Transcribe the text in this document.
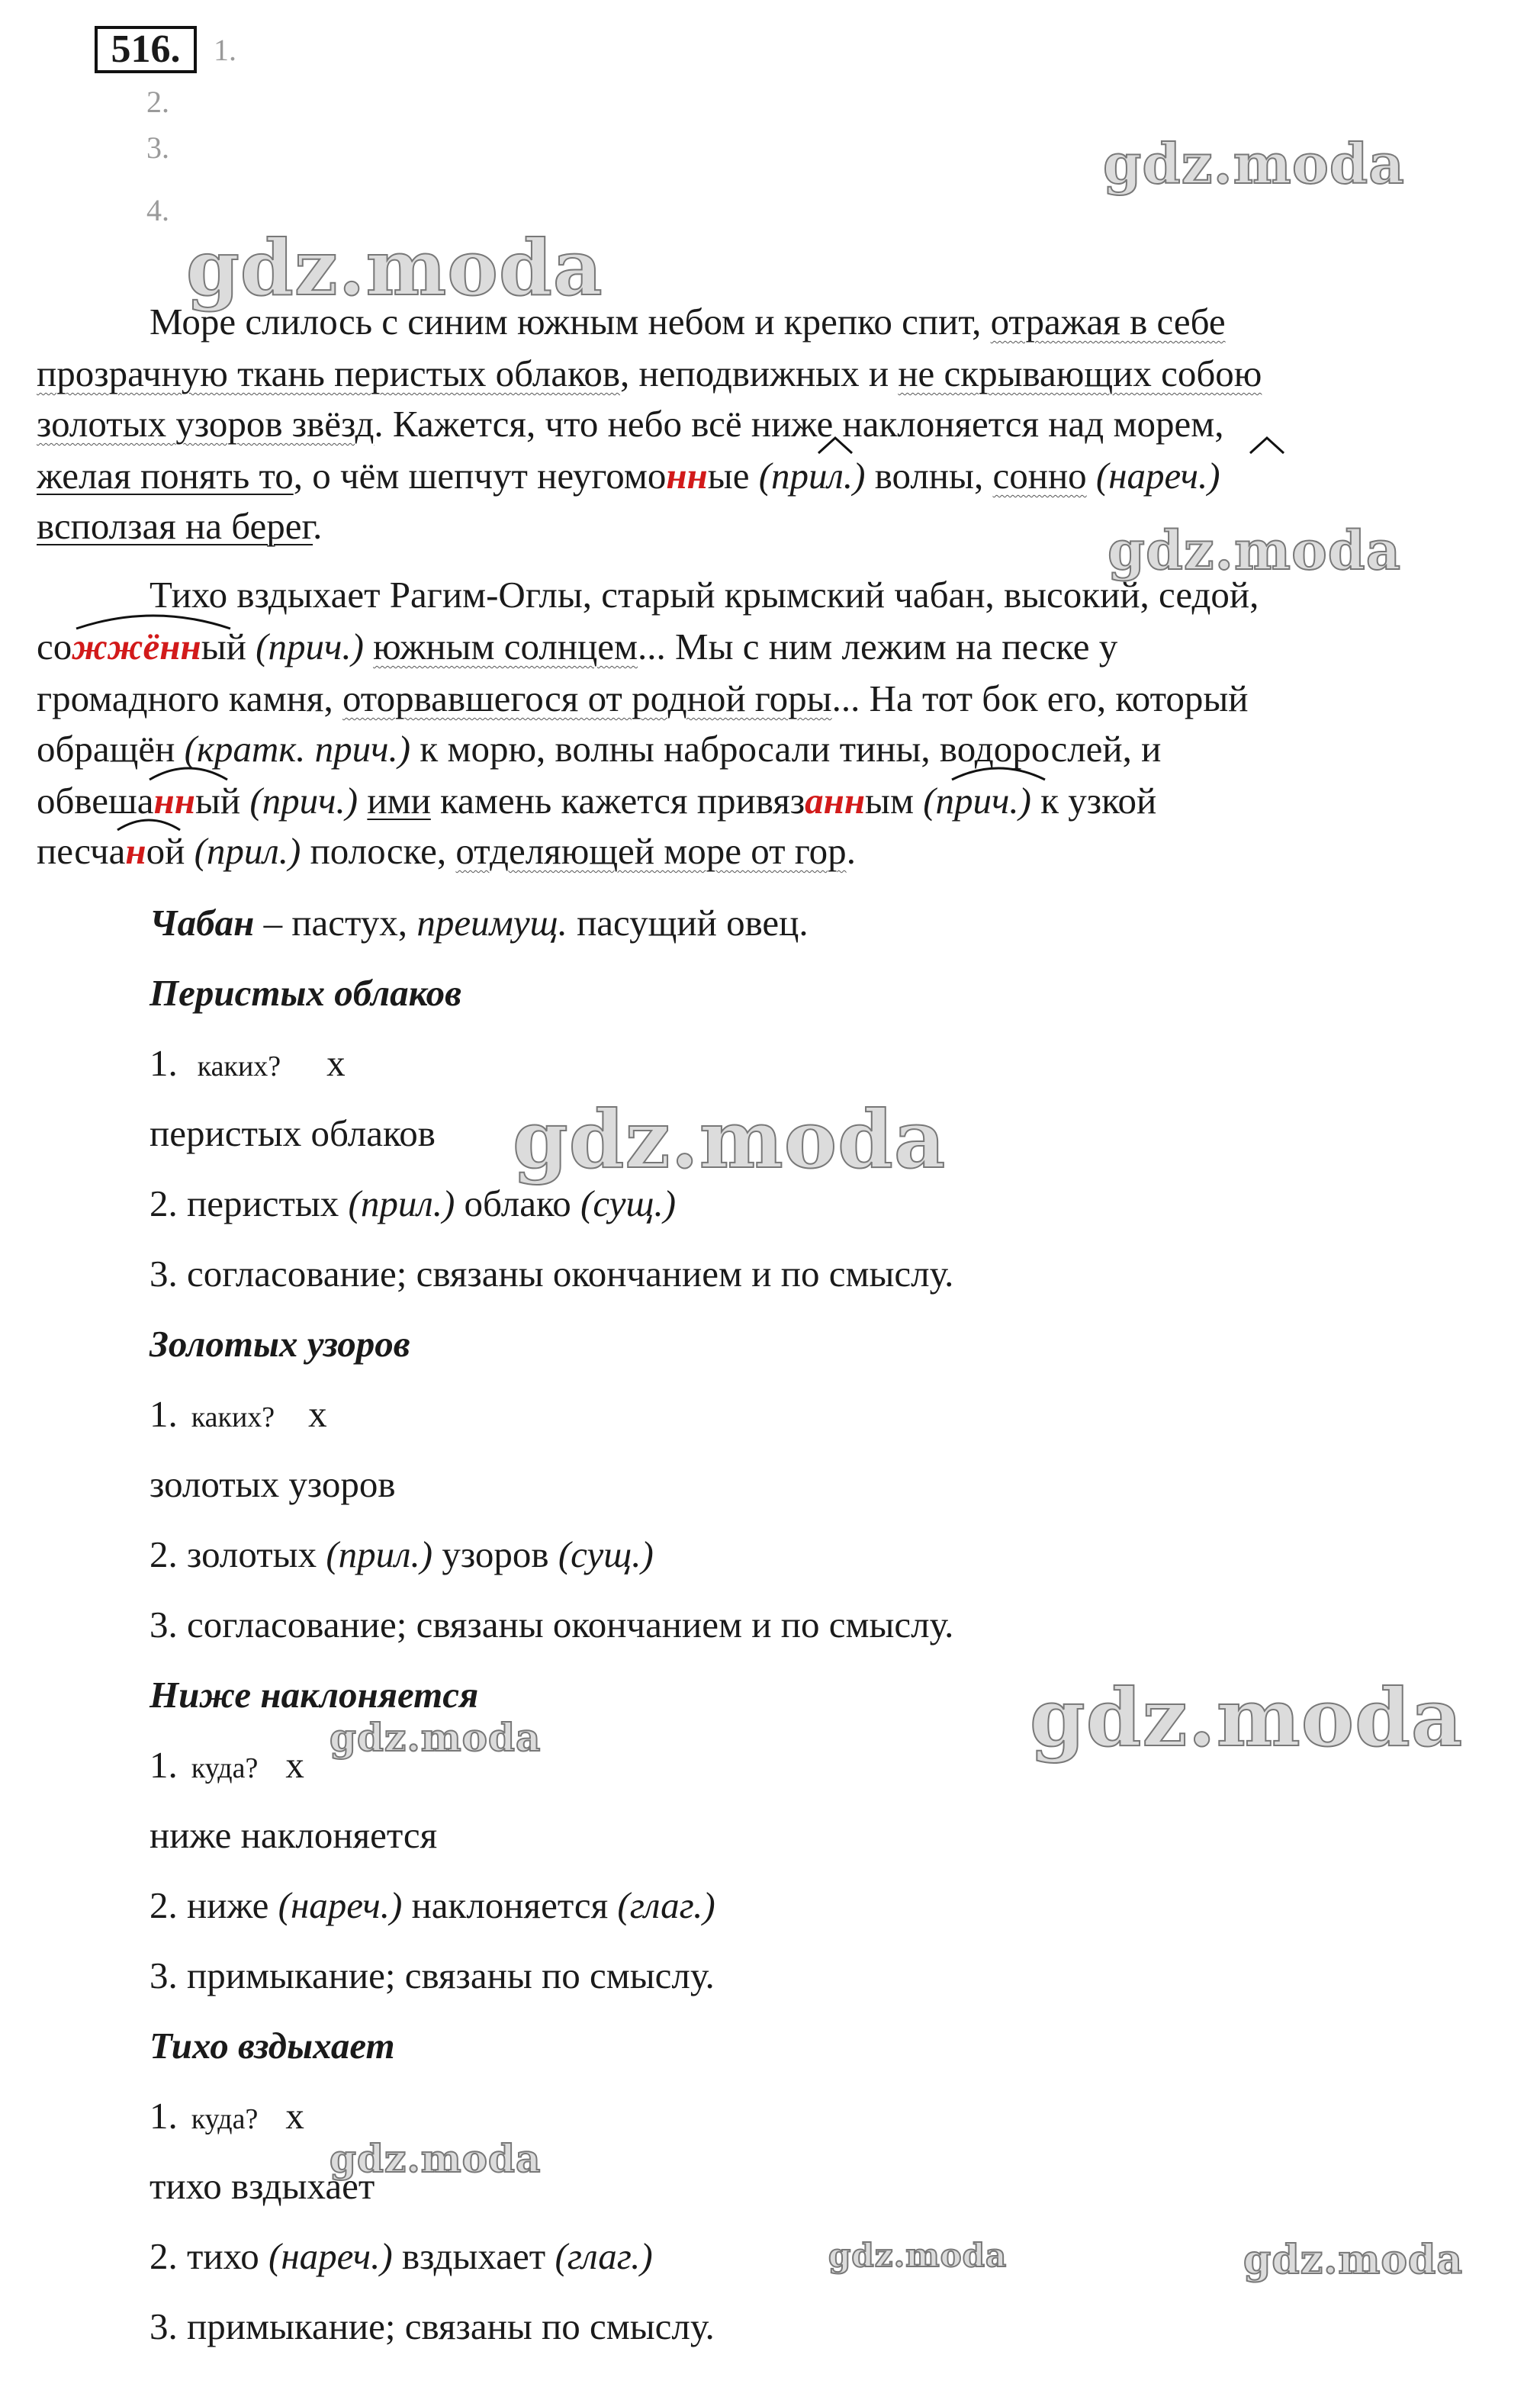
516.	1.
2.
3.
4.
gdz.moda
gdz.moda
gdz.moda
gdz.moda
gdz.moda
gdz.moda
gdz.moda
gdz.moda	gdz.moda
Море слилось с синим южным небом и крепко спит, отражая в себе
прозрачную ткань перистых облаков, неподвижных и не скрывающих собою
золотых узоров звёзд. Кажется, что небо всё ниже наклоняется над морем,
желая понять то, о чём шепчут неугомонные (прил.) волны, сонно (нареч.)
всползая на берег.
Тихо вздыхает Рагим-Оглы, старый крымский чабан, высокий, седой,
сожжённый (прич.) южным солнцем... Мы с ним лежим на песке у
громадного камня, оторвавшегося от родной горы... На тот бок его, который
обращён (кратк. прич.) к морю, волны набросали тины, водорослей, и
обвешанный (прич.) ими камень кажется привязанным (прич.) к узкой
песчаной (прил.) полоске, отделяющей море от гор.
Чабан – пастух, преимущ. пасущий овец.
Перистых облаков
1. каких? x
перистых облаков
2. перистых (прил.) облако (сущ.)
3. согласование; связаны окончанием и по смыслу.
Золотых узоров
1. каких? x
золотых узоров
2. золотых (прил.) узоров (сущ.)
3. согласование; связаны окончанием и по смыслу.
Ниже наклоняется
1. куда? x
ниже наклоняется
2. ниже (нареч.) наклоняется (глаг.)
3. примыкание; связаны по смыслу.
Тихо вздыхает
1. куда? x
тихо вздыхает
2. тихо (нареч.) вздыхает (глаг.)
3. примыкание; связаны по смыслу.
